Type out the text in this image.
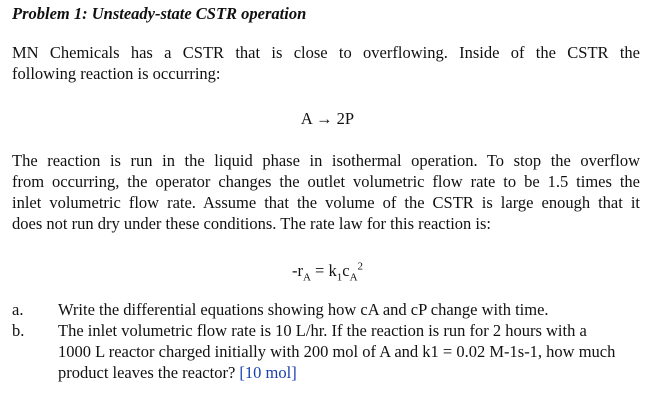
Problem 1: Unsteady-state CSTR operation
MN Chemicals has a CSTR that is close to overflowing. Inside of the CSTR the
following reaction is occurring:
A → 2P
The reaction is run in the liquid phase in isothermal operation. To stop the overflow
from occurring, the operator changes the outlet volumetric flow rate to be 1.5 times the
inlet volumetric flow rate. Assume that the volume of the CSTR is large enough that it
does not run dry under these conditions. The rate law for this reaction is:
$-r_A = k_1c_A^2$
a. Write the differential equations showing how cA and cP change with time.
b. The inlet volumetric flow rate is 10 L/hr. If the reaction is run for 2 hours with a
1000 L reactor charged initially with 200 mol of A and k1 = 0.02 M-1s-1, how much
product leaves the reactor? [10 mol]
